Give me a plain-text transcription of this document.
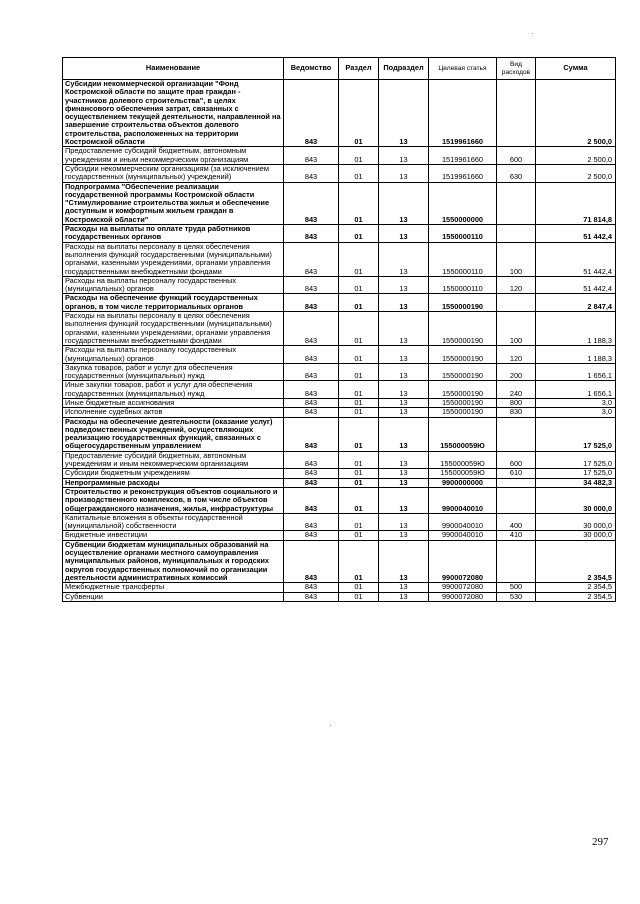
·
·
Наименование	Ведомство	Раздел	Подраздел	Целевая статья	Вид расходов	Сумма
Субсидии некоммерческой организации "Фонд Костромской области по защите прав граждан - участников долевого строительства", в целях финансового обеспечения затрат, связанных с осуществлением текущей деятельности, направленной на завершение строительства объектов долевого строительства, расположенных на территории Костромской области	843	01	13	1519961660		2 500,0
Предоставление субсидий бюджетным, автономным учреждениям и иным некоммерческим организациям	843	01	13	1519961660	600	2 500,0
Субсидии некоммерческим организациям (за исключением государственных (муниципальных) учреждений)	843	01	13	1519961660	630	2 500,0
Подпрограмма "Обеспечение реализации государственной программы Костромской области "Стимулирование строительства жилья и обеспечение доступным и комфортным жильем граждан в Костромской области"	843	01	13	1550000000		71 814,8
Расходы на выплаты по оплате труда работников государственных органов	843	01	13	1550000110		51 442,4
Расходы на выплаты персоналу в целях обеспечения выполнения функций государственными (муниципальными) органами, казенными учреждениями, органами управления государственными внебюджетными фондами	843	01	13	1550000110	100	51 442,4
Расходы на выплаты персоналу государственных (муниципальных) органов	843	01	13	1550000110	120	51 442,4
Расходы на обеспечение функций государственных органов, в том числе территориальных органов	843	01	13	1550000190		2 847,4
Расходы на выплаты персоналу в целях обеспечения выполнения функций государственными (муниципальными) органами, казенными учреждениями, органами управления государственными внебюджетными фондами	843	01	13	1550000190	100	1 188,3
Расходы на выплаты персоналу государственных (муниципальных) органов	843	01	13	1550000190	120	1 188,3
Закупка товаров, работ и услуг для обеспечения государственных (муниципальных) нужд	843	01	13	1550000190	200	1 656,1
Иные закупки товаров, работ и услуг для обеспечения государственных (муниципальных) нужд	843	01	13	1550000190	240	1 656,1
Иные бюджетные ассигнования	843	01	13	1550000190	800	3,0
Исполнение судебных актов	843	01	13	1550000190	830	3,0
Расходы на обеспечение деятельности (оказание услуг) подведомственных учреждений, осуществляющих реализацию государственных функций, связанных с общегосударственным управлением	843	01	13	155000059Ю		17 525,0
Предоставление субсидий бюджетным, автономным учреждениям и иным некоммерческим организациям	843	01	13	155000059Ю	600	17 525,0
Субсидии бюджетным учреждениям	843	01	13	155000059Ю	610	17 525,0
Непрограммные расходы	843	01	13	9900000000		34 482,3
Строительство и реконструкция объектов социального и производственного комплексов, в том числе объектов общегражданского назначения, жилья, инфраструктуры	843	01	13	9900040010		30 000,0
Капитальные вложения в объекты государственной (муниципальной) собственности	843	01	13	9900040010	400	30 000,0
Бюджетные инвестиции	843	01	13	9900040010	410	30 000,0
Субвенции бюджетам муниципальных образований на осуществление органами местного самоуправления муниципальных районов, муниципальных и городских округов государственных полномочий по организации деятельности административных комиссий	843	01	13	9900072080		2 354,5
Межбюджетные трансферты	843	01	13	9900072080	500	2 354,5
Субвенции	843	01	13	9900072080	530	2 354,5
297
